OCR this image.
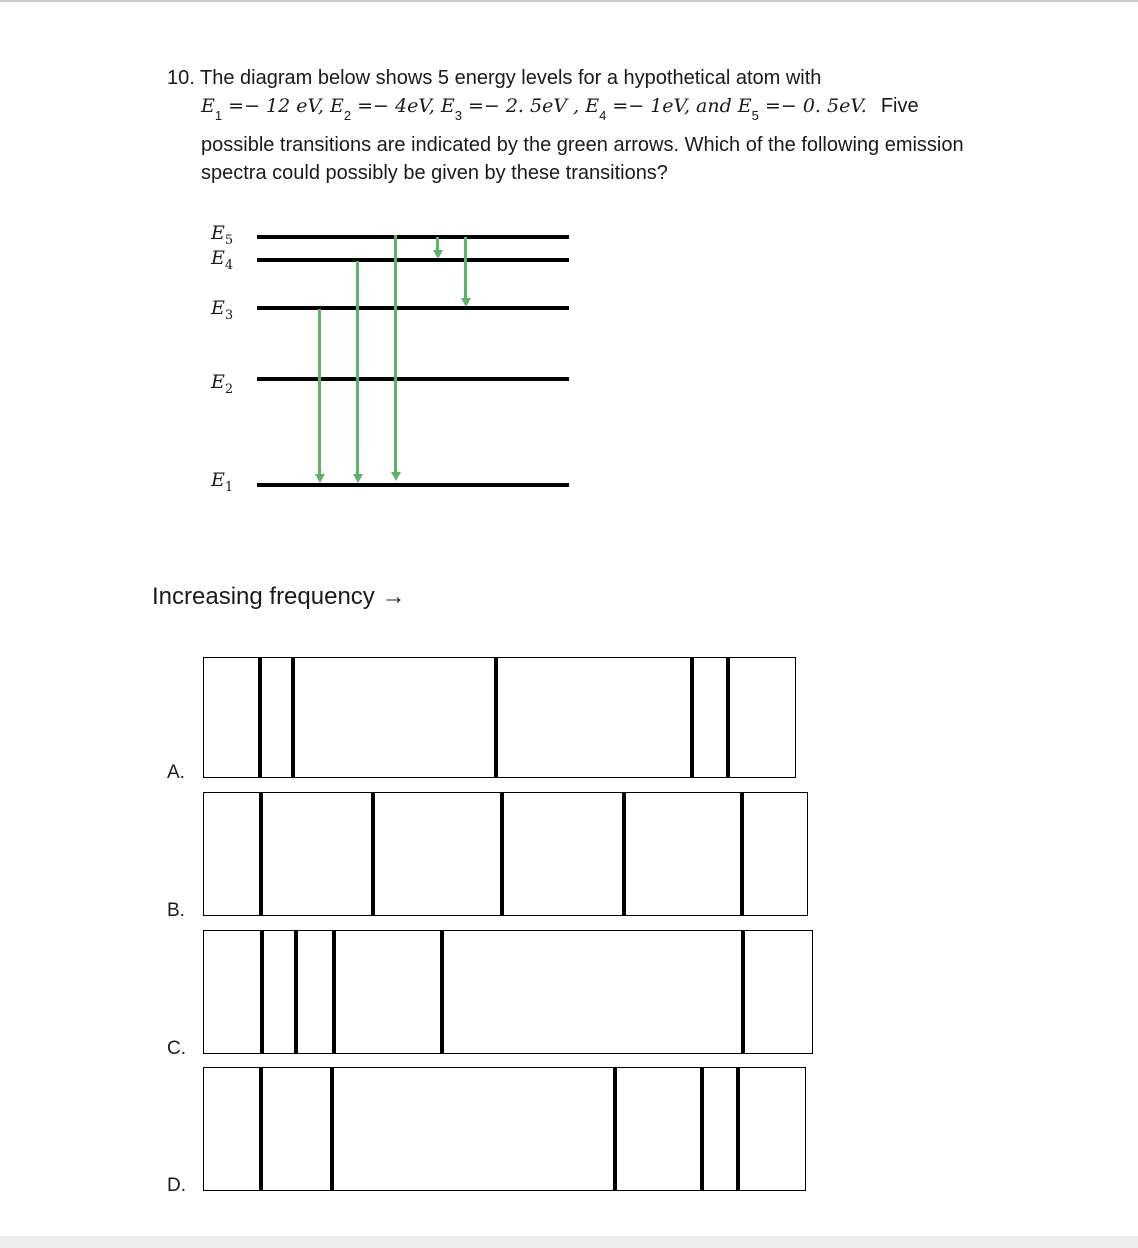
10. The diagram below shows 5 energy levels for a hypothetical atom with
$E_1 =- 12$ eV, $E_2 =- 4eV$, $E_3 =- 2$. 5eV , $E_4 =- 1eV$, and $E_5 =- 0$. 5eV. Five
possible transitions are indicated by the green arrows. Which of the following emission
spectra could possibly be given by these transitions?
$E_5$
$E_4$
$E_3$
$E_2$
$E_1$
Increasing frequency →
A.
B.
C.
D.
